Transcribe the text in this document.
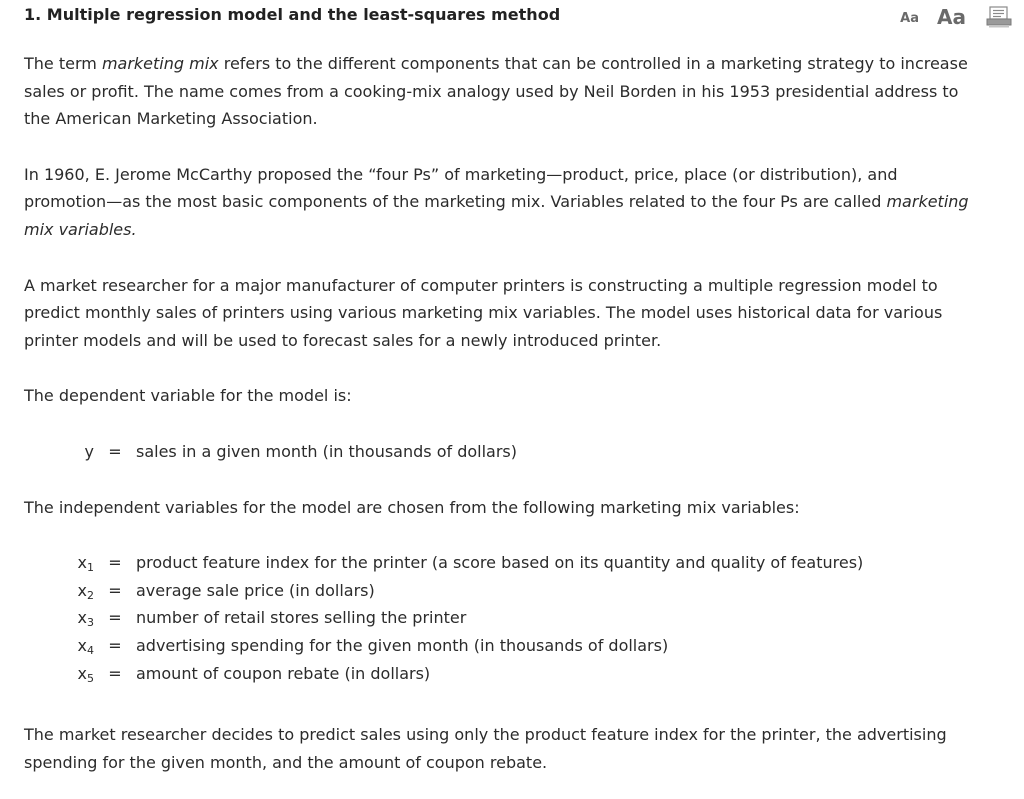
1. Multiple regression model and the least-squares method	Aa Aa

The term marketing mix refers to the different components that can be controlled in a marketing strategy to increase

sales or profit. The name comes from a cooking-mix analogy used by Neil Borden in his 1953 presidential address to

the American Marketing Association.

In 1960, E. Jerome McCarthy proposed the “four Ps” of marketing—product, price, place (or distribution), and

promotion—as the most basic components of the marketing mix. Variables related to the four Ps are called marketing

mix variables.

A market researcher for a major manufacturer of computer printers is constructing a multiple regression model to

predict monthly sales of printers using various marketing mix variables. The model uses historical data for various

printer models and will be used to forecast sales for a newly introduced printer.

The dependent variable for the model is:

y = sales in a given month (in thousands of dollars)

The independent variables for the model are chosen from the following marketing mix variables:

$x_1$ = product feature index for the printer (a score based on its quantity and quality of features)
$x_2$ = average sale price (in dollars)
$x_3$ = number of retail stores selling the printer
$x_4$ = advertising spending for the given month (in thousands of dollars)
$x_5$ = amount of coupon rebate (in dollars)

The market researcher decides to predict sales using only the product feature index for the printer, the advertising

spending for the given month, and the amount of coupon rebate.
